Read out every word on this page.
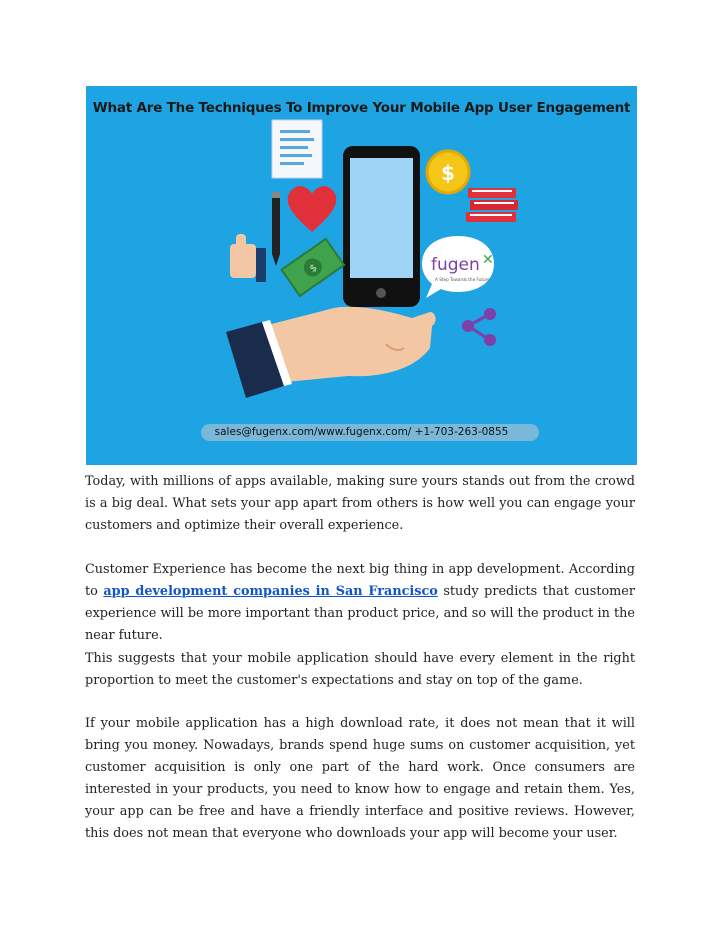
$
$	fugen ✕
A Step Towards the Future
What Are The Techniques To Improve Your Mobile App User Engagement
sales@fugenx.com/www.fugenx.com/ +1-703-263-0855

Today, with millions of apps available, making sure yours stands out from the crowd is a big deal. What sets your app apart from others is how well you can engage your customers and optimize their overall experience.

Customer Experience has become the next big thing in app development. According to app development companies in San Francisco study predicts that customer experience will be more important than product price, and so will the product in the near future.

This suggests that your mobile application should have every element in the right proportion to meet the customer's expectations and stay on top of the game.

If your mobile application has a high download rate, it does not mean that it will bring you money. Nowadays, brands spend huge sums on customer acquisition, yet customer acquisition is only one part of the hard work. Once consumers are interested in your products, you need to know how to engage and retain them. Yes, your app can be free and have a friendly interface and positive reviews. However, this does not mean that everyone who downloads your app will become your user.
